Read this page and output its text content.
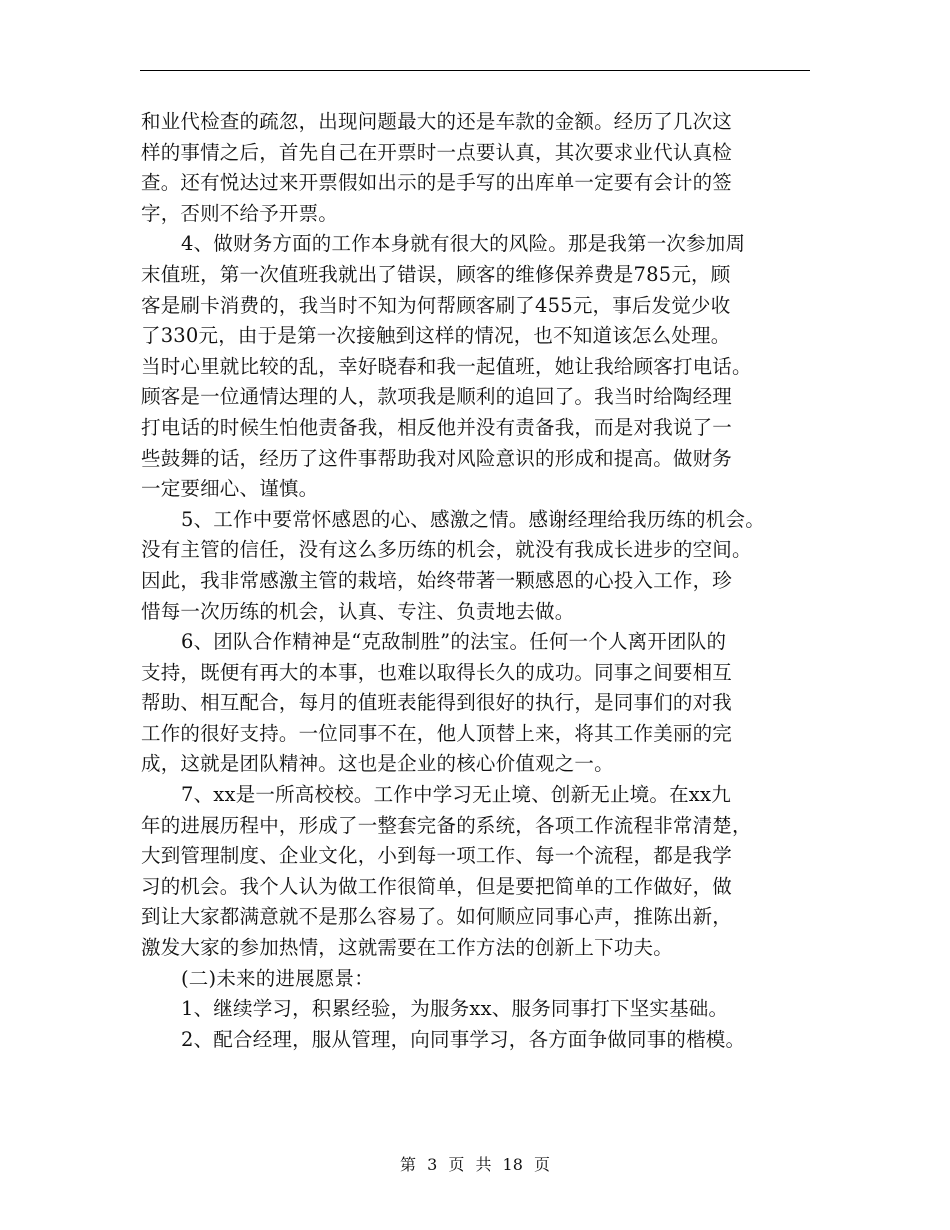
和业代检查的疏忽，出现问题最大的还是车款的金额。经历了几次这
样的事情之后，首先自己在开票时一点要认真，其次要求业代认真检
查。还有悦达过来开票假如出示的是手写的出库单一定要有会计的签
字，否则不给予开票。
4、做财务方面的工作本身就有很大的风险。那是我第一次参加周
末值班，第一次值班我就出了错误，顾客的维修保养费是785元，顾
客是刷卡消费的，我当时不知为何帮顾客刷了455元，事后发觉少收
了330元，由于是第一次接触到这样的情况，也不知道该怎么处理。
当时心里就比较的乱，幸好晓春和我一起值班，她让我给顾客打电话。
顾客是一位通情达理的人，款项我是顺利的追回了。我当时给陶经理
打电话的时候生怕他责备我，相反他并没有责备我，而是对我说了一
些鼓舞的话，经历了这件事帮助我对风险意识的形成和提高。做财务
一定要细心、谨慎。
5、工作中要常怀感恩的心、感激之情。感谢经理给我历练的机会。
没有主管的信任，没有这么多历练的机会，就没有我成长进步的空间。
因此，我非常感激主管的栽培，始终带著一颗感恩的心投入工作，珍
惜每一次历练的机会，认真、专注、负责地去做。
6、团队合作精神是“克敌制胜”的法宝。任何一个人离开团队的
支持，既便有再大的本事，也难以取得长久的成功。同事之间要相互
帮助、相互配合，每月的值班表能得到很好的执行，是同事们的对我
工作的很好支持。一位同事不在，他人顶替上来，将其工作美丽的完
成，这就是团队精神。这也是企业的核心价值观之一。
7、xx是一所高校校。工作中学习无止境、创新无止境。在xx九
年的进展历程中，形成了一整套完备的系统，各项工作流程非常清楚，
大到管理制度、企业文化，小到每一项工作、每一个流程，都是我学
习的机会。我个人认为做工作很简单，但是要把简单的工作做好，做
到让大家都满意就不是那么容易了。如何顺应同事心声，推陈出新，
激发大家的参加热情，这就需要在工作方法的创新上下功夫。
(二)未来的进展愿景：
1、继续学习，积累经验，为服务xx、服务同事打下坚实基础。
2、配合经理，服从管理，向同事学习，各方面争做同事的楷模。
第 3 页 共 18 页
